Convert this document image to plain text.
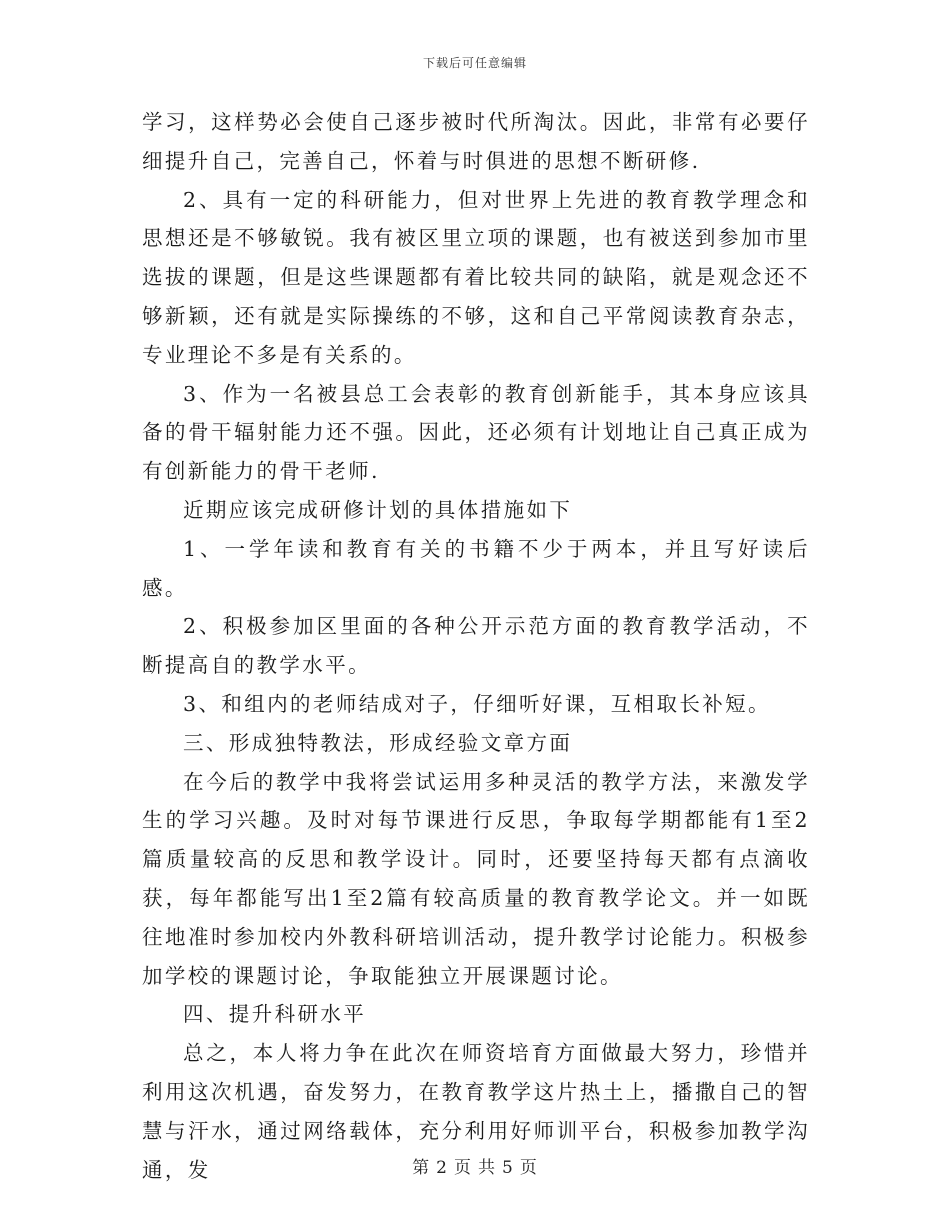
下载后可任意编辑

学习，这样势必会使自己逐步被时代所淘汰。因此，非常有必要仔细提升自己，完善自己，怀着与时俱进的思想不断研修.

2、具有一定的科研能力，但对世界上先进的教育教学理念和思想还是不够敏锐。我有被区里立项的课题，也有被送到参加市里选拔的课题，但是这些课题都有着比较共同的缺陷，就是观念还不够新颖，还有就是实际操练的不够，这和自己平常阅读教育杂志，专业理论不多是有关系的。

3、作为一名被县总工会表彰的教育创新能手，其本身应该具备的骨干辐射能力还不强。因此，还必须有计划地让自己真正成为有创新能力的骨干老师.

近期应该完成研修计划的具体措施如下

1、一学年读和教育有关的书籍不少于两本，并且写好读后感。

2、积极参加区里面的各种公开示范方面的教育教学活动，不断提高自的教学水平。

3、和组内的老师结成对子，仔细听好课，互相取长补短。

三、形成独特教法，形成经验文章方面

在今后的教学中我将尝试运用多种灵活的教学方法，来激发学生的学习兴趣。及时对每节课进行反思，争取每学期都能有1至2篇质量较高的反思和教学设计。同时，还要坚持每天都有点滴收获，每年都能写出1至2篇有较高质量的教育教学论文。并一如既往地准时参加校内外教科研培训活动，提升教学讨论能力。积极参加学校的课题讨论，争取能独立开展课题讨论。

四、提升科研水平

总之，本人将力争在此次在师资培育方面做最大努力，珍惜并利用这次机遇，奋发努力，在教育教学这片热土上，播撒自己的智慧与汗水，通过网络载体，充分利用好师训平台，积极参加教学沟通，发	第 2 页 共 5 页
